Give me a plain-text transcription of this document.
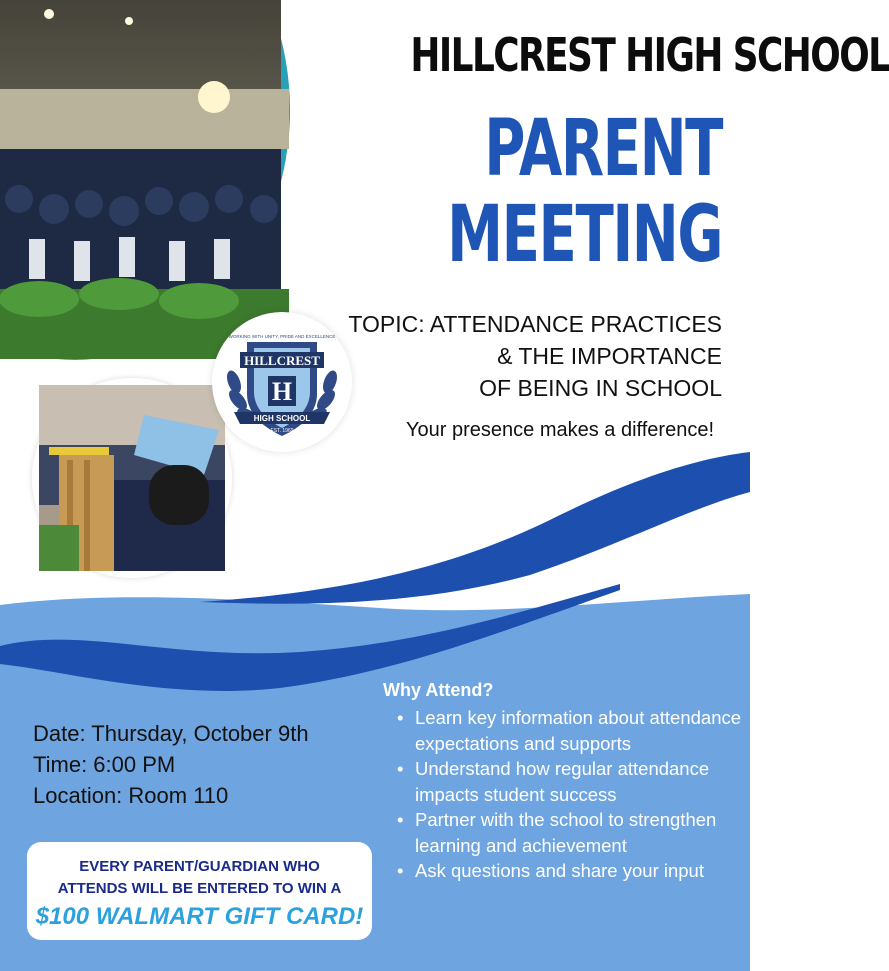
HILLCREST
H
HIGH SCHOOL
EST. 1969
WORKING WITH UNITY, PRIDE AND EXCELLENCE
HILLCREST HIGH SCHOOL
PARENT
MEETING
TOPIC: ATTENDANCE PRACTICES
& THE IMPORTANCE
OF BEING IN SCHOOL
Your presence makes a difference!
Date: Thursday, October 9th
Time: 6:00 PM
Location: Room 110
Why Attend?
• Learn key information about attendance expectations and supports
• Understand how regular attendance impacts student success
• Partner with the school to strengthen learning and achievement
• Ask questions and share your input
EVERY PARENT/GUARDIAN WHO
ATTENDS WILL BE ENTERED TO WIN A
$100 WALMART GIFT CARD!
